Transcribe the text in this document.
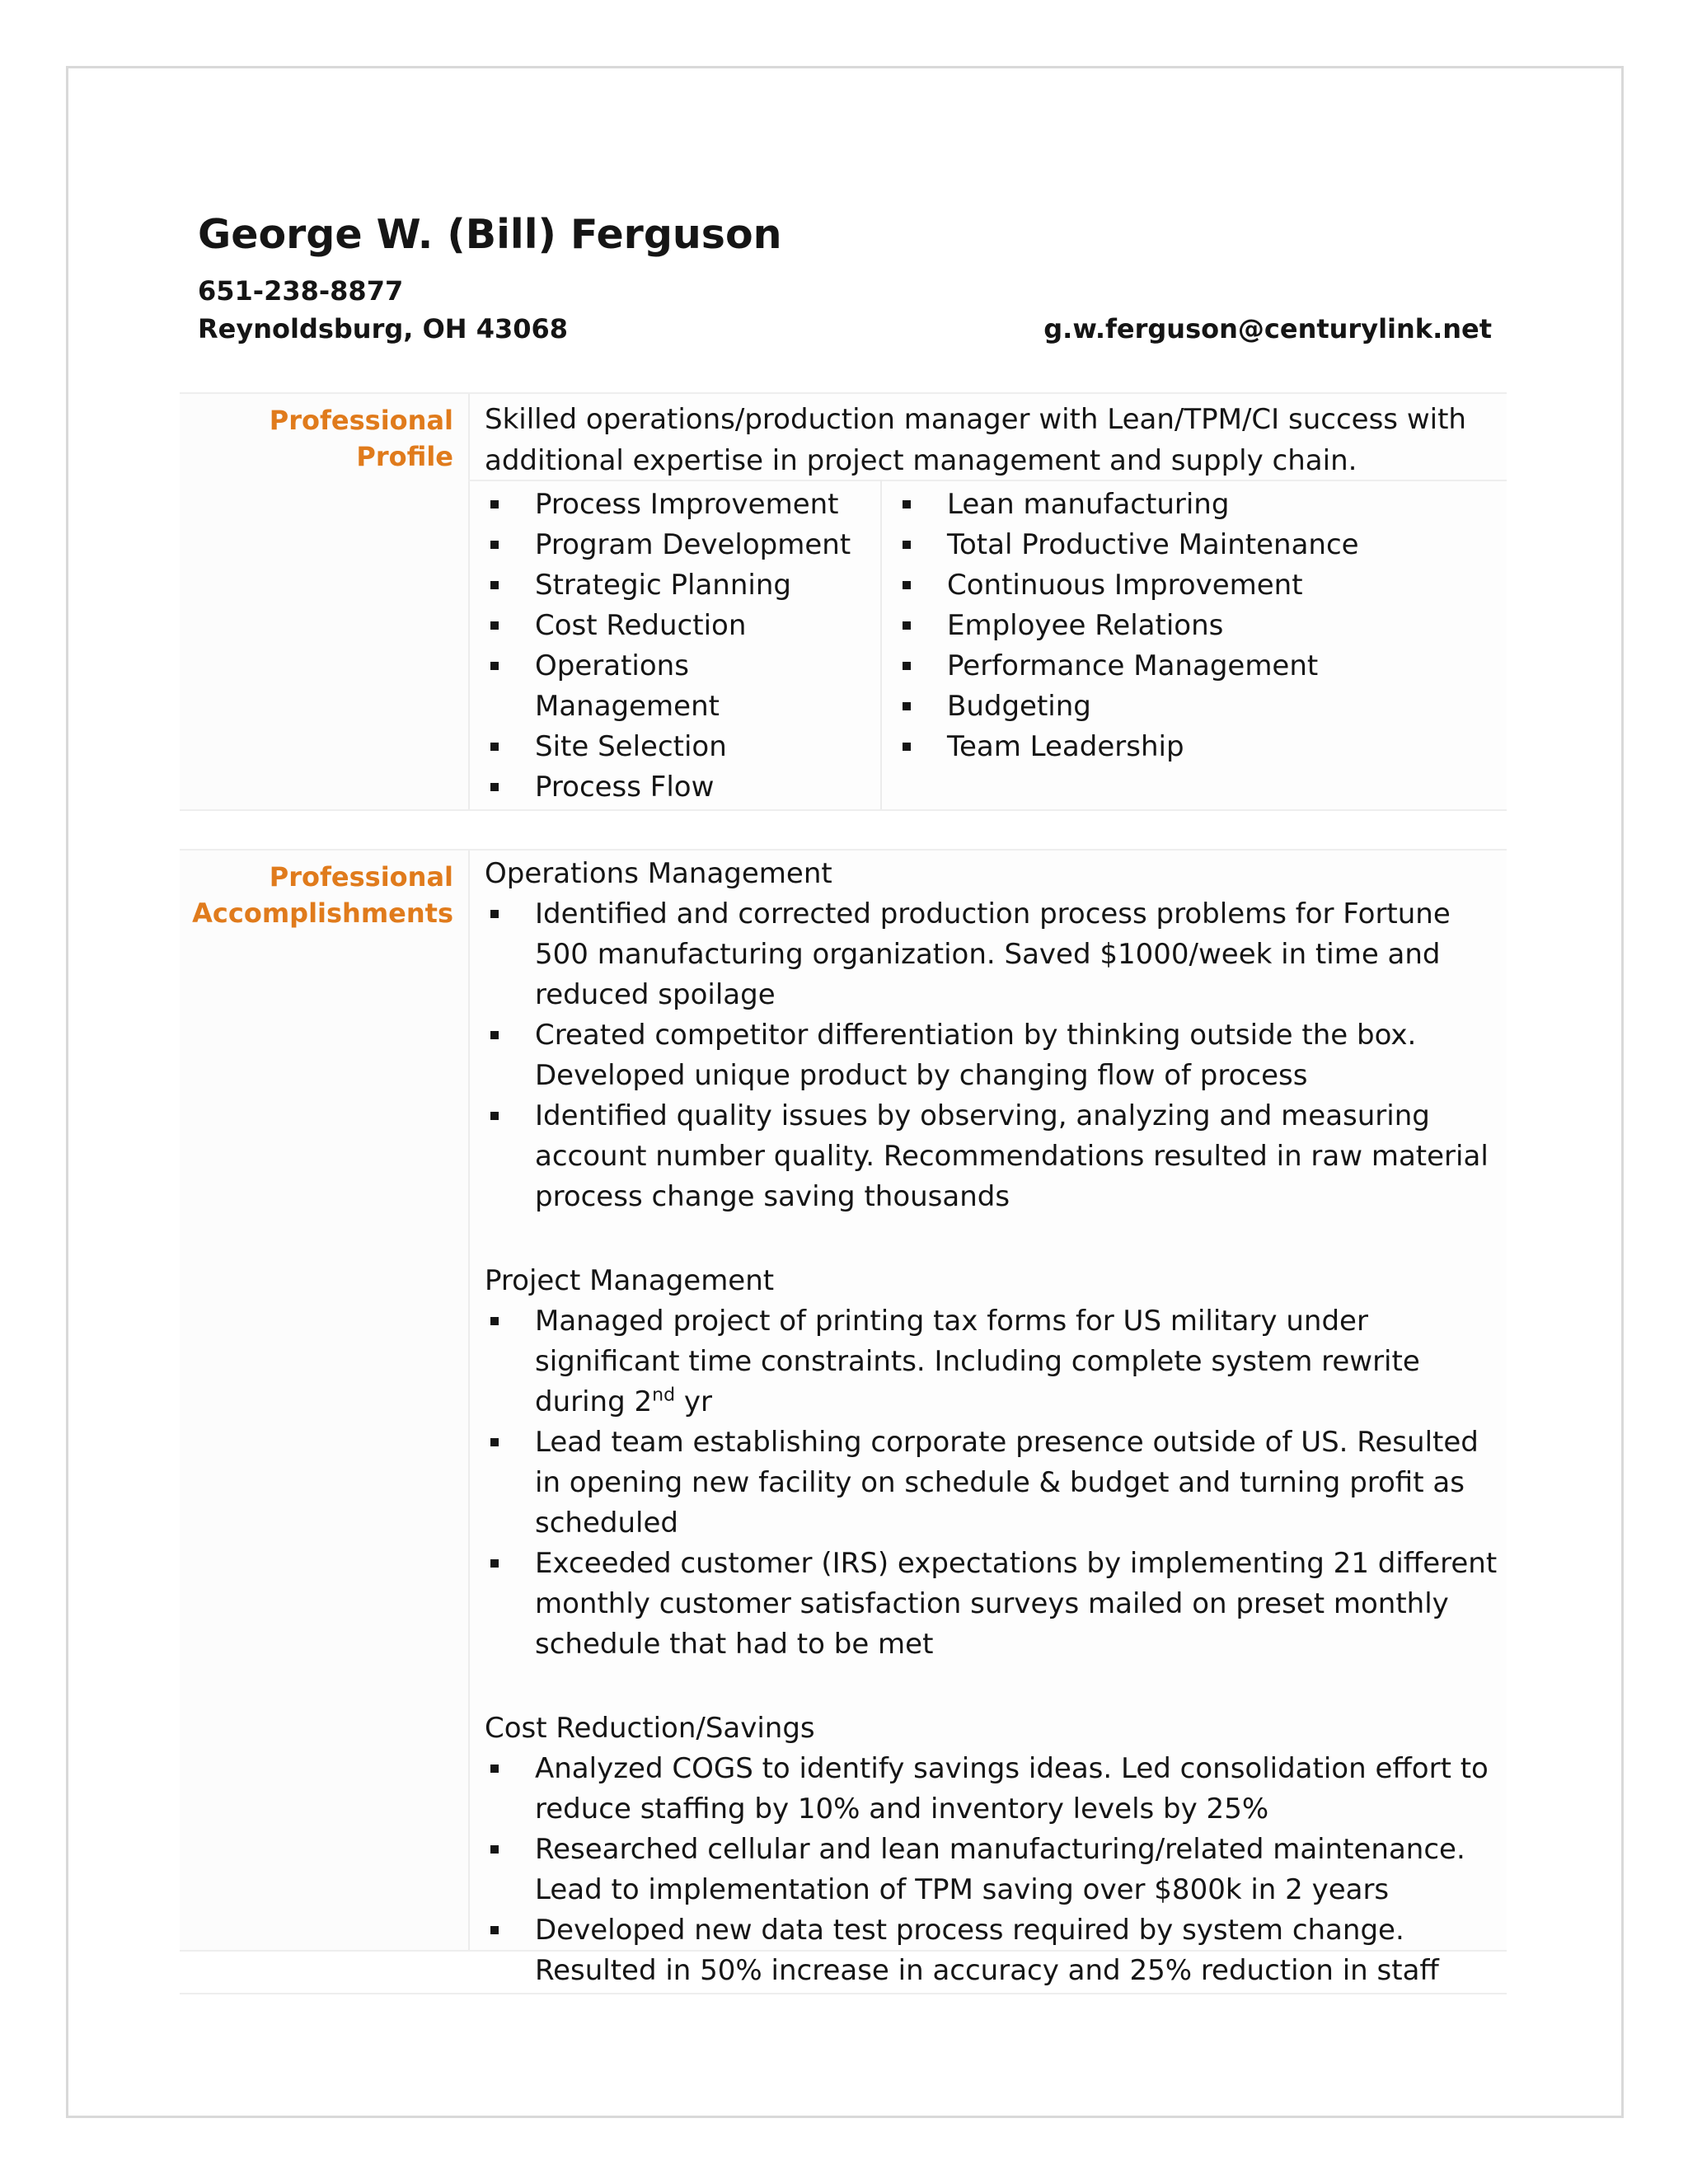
George W. (Bill) Ferguson
651-238-8877
Reynoldsburg, OH 43068	g.w.ferguson@centurylink.net
Professional Profile
Skilled operations/production manager with Lean/TPM/CI success with additional expertise in project management and supply chain.
Process Improvement
Program Development
Strategic Planning
Cost Reduction
Operations Management
Site Selection
Process Flow
Lean manufacturing
Total Productive Maintenance
Continuous Improvement
Employee Relations
Performance Management
Budgeting
Team Leadership
Professional
Accomplishments
Operations Management
Identified and corrected production process problems for Fortune 500 manufacturing organization. Saved $1000/week in time and reduced spoilage
Created competitor differentiation by thinking outside the box. Developed unique product by changing flow of process
Identified quality issues by observing, analyzing and measuring account number quality. Recommendations resulted in raw material process change saving thousands
Project Management
Managed project of printing tax forms for US military under significant time constraints. Including complete system rewrite during 2nd yr
Lead team establishing corporate presence outside of US. Resulted in opening new facility on schedule & budget and turning profit as scheduled
Exceeded customer (IRS) expectations by implementing 21 different monthly customer satisfaction surveys mailed on preset monthly schedule that had to be met
Cost Reduction/Savings
Analyzed COGS to identify savings ideas. Led consolidation effort to reduce staffing by 10% and inventory levels by 25%
Researched cellular and lean manufacturing/related maintenance. Lead to implementation of TPM saving over $800k in 2 years
Developed new data test process required by system change. Resulted in 50% increase in accuracy and 25% reduction in staff
